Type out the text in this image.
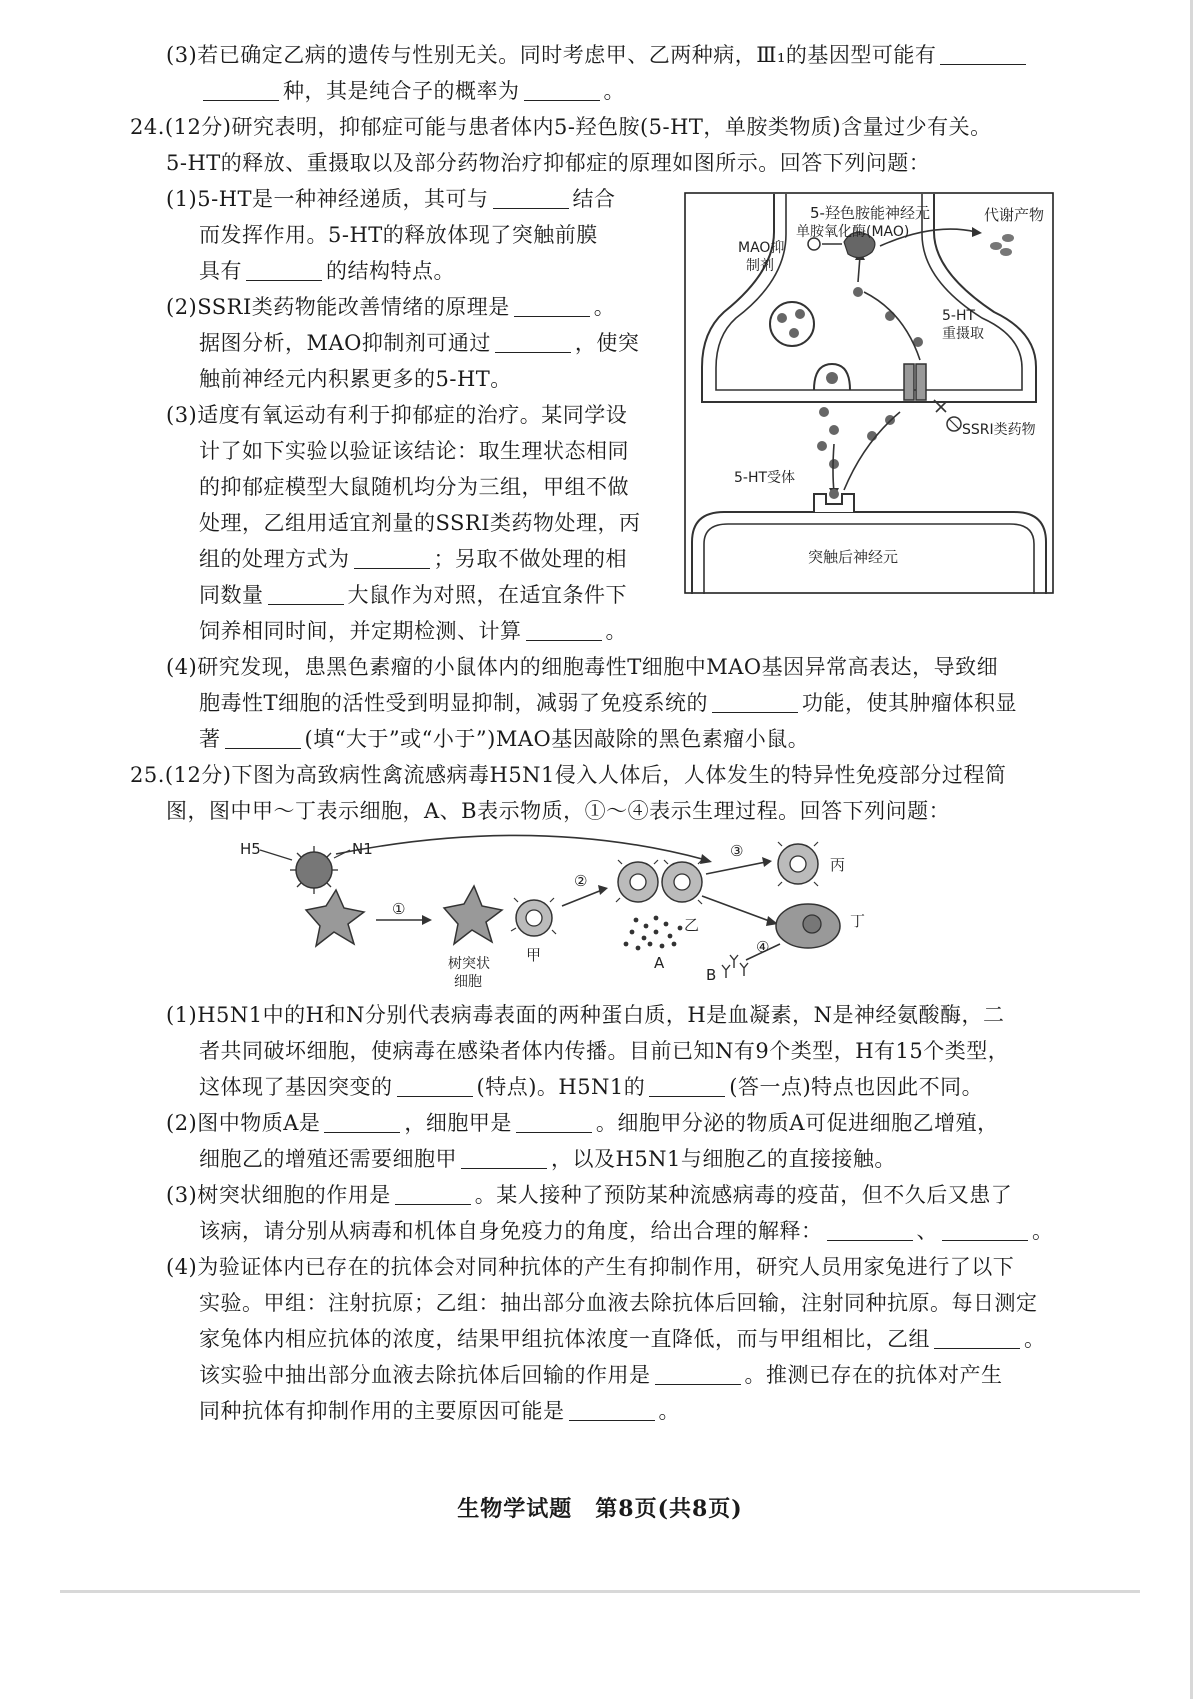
(3)若已确定乙病的遗传与性别无关。同时考虑甲、乙两种病，Ⅲ₁的基因型可能有
种，其是纯合子的概率为	。
24.(12分)研究表明，抑郁症可能与患者体内5-羟色胺(5-HT，单胺类物质)含量过少有关。
5-HT的释放、重摄取以及部分药物治疗抑郁症的原理如图所示。回答下列问题：
(1)5-HT是一种神经递质，其可与	结合
而发挥作用。5-HT的释放体现了突触前膜
具有	的结构特点。
(2)SSRI类药物能改善情绪的原理是	。
据图分析，MAO抑制剂可通过	，使突
触前神经元内积累更多的5-HT。
(3)适度有氧运动有利于抑郁症的治疗。某同学设
计了如下实验以验证该结论：取生理状态相同
的抑郁症模型大鼠随机均分为三组，甲组不做
处理，乙组用适宜剂量的SSRI类药物处理，丙
组的处理方式为	；另取不做处理的相
同数量	大鼠作为对照，在适宜条件下
饲养相同时间，并定期检测、计算	。
(4)研究发现，患黑色素瘤的小鼠体内的细胞毒性T细胞中MAO基因异常高表达，导致细
胞毒性T细胞的活性受到明显抑制，减弱了免疫系统的	功能，使其肿瘤体积显
著	(填“大于”或“小于”)MAO基因敲除的黑色素瘤小鼠。
5-羟色胺能神经元
单胺氧化酶(MAO)
代谢产物
MAO抑
制剂
5-HT
重摄取
SSRI类药物
5-HT受体
突触后神经元
25.(12分)下图为高致病性禽流感病毒H5N1侵入人体后，人体发生的特异性免疫部分过程简
图，图中甲～丁表示细胞，A、B表示物质，①～④表示生理过程。回答下列问题：
H5	N1
①
树突状
细胞
甲
②
乙
A
③
丙
丁
④
B
(1)H5N1中的H和N分别代表病毒表面的两种蛋白质，H是血凝素，N是神经氨酸酶，二
者共同破坏细胞，使病毒在感染者体内传播。目前已知N有9个类型，H有15个类型，
这体现了基因突变的	(特点)。H5N1的	(答一点)特点也因此不同。
(2)图中物质A是	，细胞甲是	。细胞甲分泌的物质A可促进细胞乙增殖，
细胞乙的增殖还需要细胞甲	，以及H5N1与细胞乙的直接接触。
(3)树突状细胞的作用是	。某人接种了预防某种流感病毒的疫苗，但不久后又患了
该病，请分别从病毒和机体自身免疫力的角度，给出合理的解释：	、	。
(4)为验证体内已存在的抗体会对同种抗体的产生有抑制作用，研究人员用家兔进行了以下
实验。甲组：注射抗原；乙组：抽出部分血液去除抗体后回输，注射同种抗原。每日测定
家兔体内相应抗体的浓度，结果甲组抗体浓度一直降低，而与甲组相比，乙组	。
该实验中抽出部分血液去除抗体后回输的作用是	。推测已存在的抗体对产生
同种抗体有抑制作用的主要原因可能是	。
生物学试题　第8页(共8页)
